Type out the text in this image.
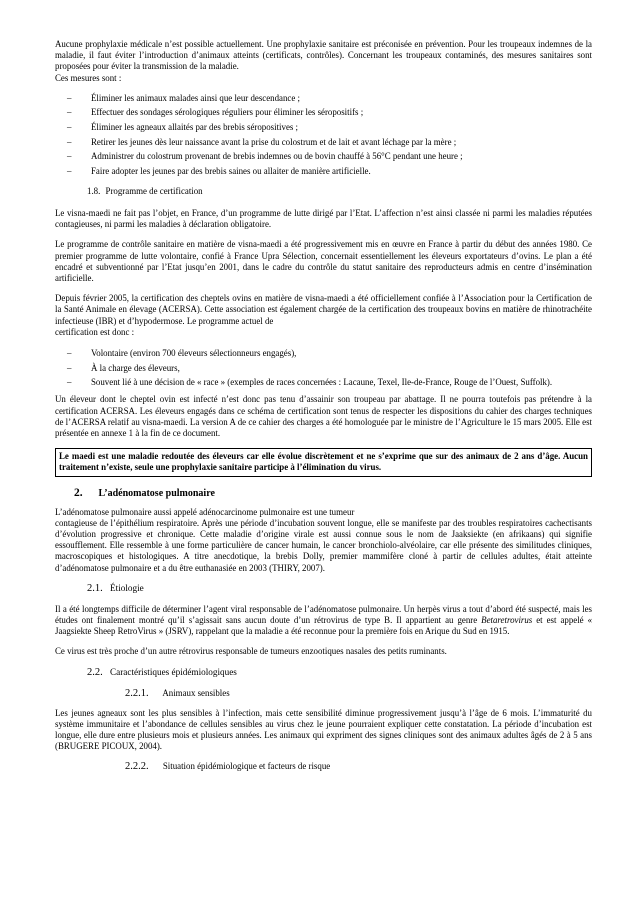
Aucune prophylaxie médicale n’est possible actuellement. Une prophylaxie sanitaire est préconisée en prévention. Pour les troupeaux indemnes de la maladie, il faut éviter l’introduction d’animaux atteints (certificats, contrôles). Concernant les troupeaux contaminés, des mesures sanitaires sont proposées pour éviter la transmission de la maladie.
Ces mesures sont :

– Éliminer les animaux malades ainsi que leur descendance ;
– Effectuer des sondages sérologiques réguliers pour éliminer les séropositifs ;
– Éliminer les agneaux allaités par des brebis séropositives ;
– Retirer les jeunes dès leur naissance avant la prise du colostrum et de lait et avant léchage par la mère ;
– Administrer du colostrum provenant de brebis indemnes ou de bovin chauffé à 56°C pendant une heure ;
– Faire adopter les jeunes par des brebis saines ou allaiter de manière artificielle.
1.8. Programme de certification

Le visna-maedi ne fait pas l’objet, en France, d’un programme de lutte dirigé par l’Etat. L’affection n’est ainsi classée ni parmi les maladies réputées contagieuses, ni parmi les maladies à déclaration obligatoire.

Le programme de contrôle sanitaire en matière de visna-maedi a été progressivement mis en œuvre en France à partir du début des années 1980. Ce premier programme de lutte volontaire, confié à France Upra Sélection, concernait essentiellement les éleveurs exportateurs d’ovins. Le plan a été encadré et subventionné par l’Etat jusqu’en 2001, dans le cadre du contrôle du statut sanitaire des reproducteurs admis en centre d’insémination artificielle.

Depuis février 2005, la certification des cheptels ovins en matière de visna-maedi a été officiellement confiée à l’Association pour la Certification de la Santé Animale en élevage (ACERSA). Cette association est également chargée de la certification des troupeaux bovins en matière de rhinotrachéite infectieuse (IBR) et d’hypodermose. Le programme actuel de
certification est donc :

– Volontaire (environ 700 éleveurs sélectionneurs engagés),
– À la charge des éleveurs,
– Souvent lié à une décision de « race » (exemples de races concernées : Lacaune, Texel, Ile-de-France, Rouge de l’Ouest, Suffolk).

Un éleveur dont le cheptel ovin est infecté n’est donc pas tenu d’assainir son troupeau par abattage. Il ne pourra toutefois pas prétendre à la certification ACERSA. Les éleveurs engagés dans ce schéma de certification sont tenus de respecter les dispositions du cahier des charges techniques de l’ACERSA relatif au visna-maedi. La version A de ce cahier des charges a été homologuée par le ministre de l’Agriculture le 15 mars 2005. Elle est présentée en annexe 1 à la fin de ce document.

Le maedi est une maladie redoutée des éleveurs car elle évolue discrètement et ne s’exprime que sur des animaux de 2 ans d’âge. Aucun traitement n’existe, seule une prophylaxie sanitaire participe à l’élimination du virus.

2. L’adénomatose pulmonaire

L’adénomatose pulmonaire aussi appelé adénocarcinome pulmonaire est une tumeur

contagieuse de l’épithélium respiratoire. Après une période d’incubation souvent longue, elle se manifeste par des troubles respiratoires cachectisants d’évolution progressive et chronique. Cette maladie d’origine virale est aussi connue sous le nom de Jaaksiekte (en afrikaans) qui signifie essoufflement. Elle ressemble à une forme particulière de cancer humain, le cancer bronchiolo-alvéolaire, car elle présente des similitudes cliniques, macroscopiques et histologiques. A titre anecdotique, la brebis Dolly, premier mammifère cloné à partir de cellules adultes, était atteinte d’adénomatose pulmonaire et a du être euthanasiée en 2003 (THIRY, 2007).

2.1. Étiologie

Il a été longtemps difficile de déterminer l’agent viral responsable de l’adénomatose pulmonaire. Un herpès virus a tout d’abord été suspecté, mais les études ont finalement montré qu’il s’agissait sans aucun doute d’un rétrovirus de type B. Il appartient au genre Betaretrovirus et est appelé « Jaagsiekte Sheep RetroVirus » (JSRV), rappelant que la maladie a été reconnue pour la première fois en Arique du Sud en 1915.

Ce virus est très proche d’un autre rétrovirus responsable de tumeurs enzootiques nasales des petits ruminants.

2.2. Caractéristiques épidémiologiques
2.2.1. Animaux sensibles

Les jeunes agneaux sont les plus sensibles à l’infection, mais cette sensibilité diminue progressivement jusqu’à l’âge de 6 mois. L’immaturité du système immunitaire et l’abondance de cellules sensibles au virus chez le jeune pourraient expliquer cette constatation. La période d’incubation est longue, elle dure entre plusieurs mois et plusieurs années. Les animaux qui expriment des signes cliniques sont des animaux adultes âgés de 2 à 5 ans (BRUGERE PICOUX, 2004).

2.2.2. Situation épidémiologique et facteurs de risque
